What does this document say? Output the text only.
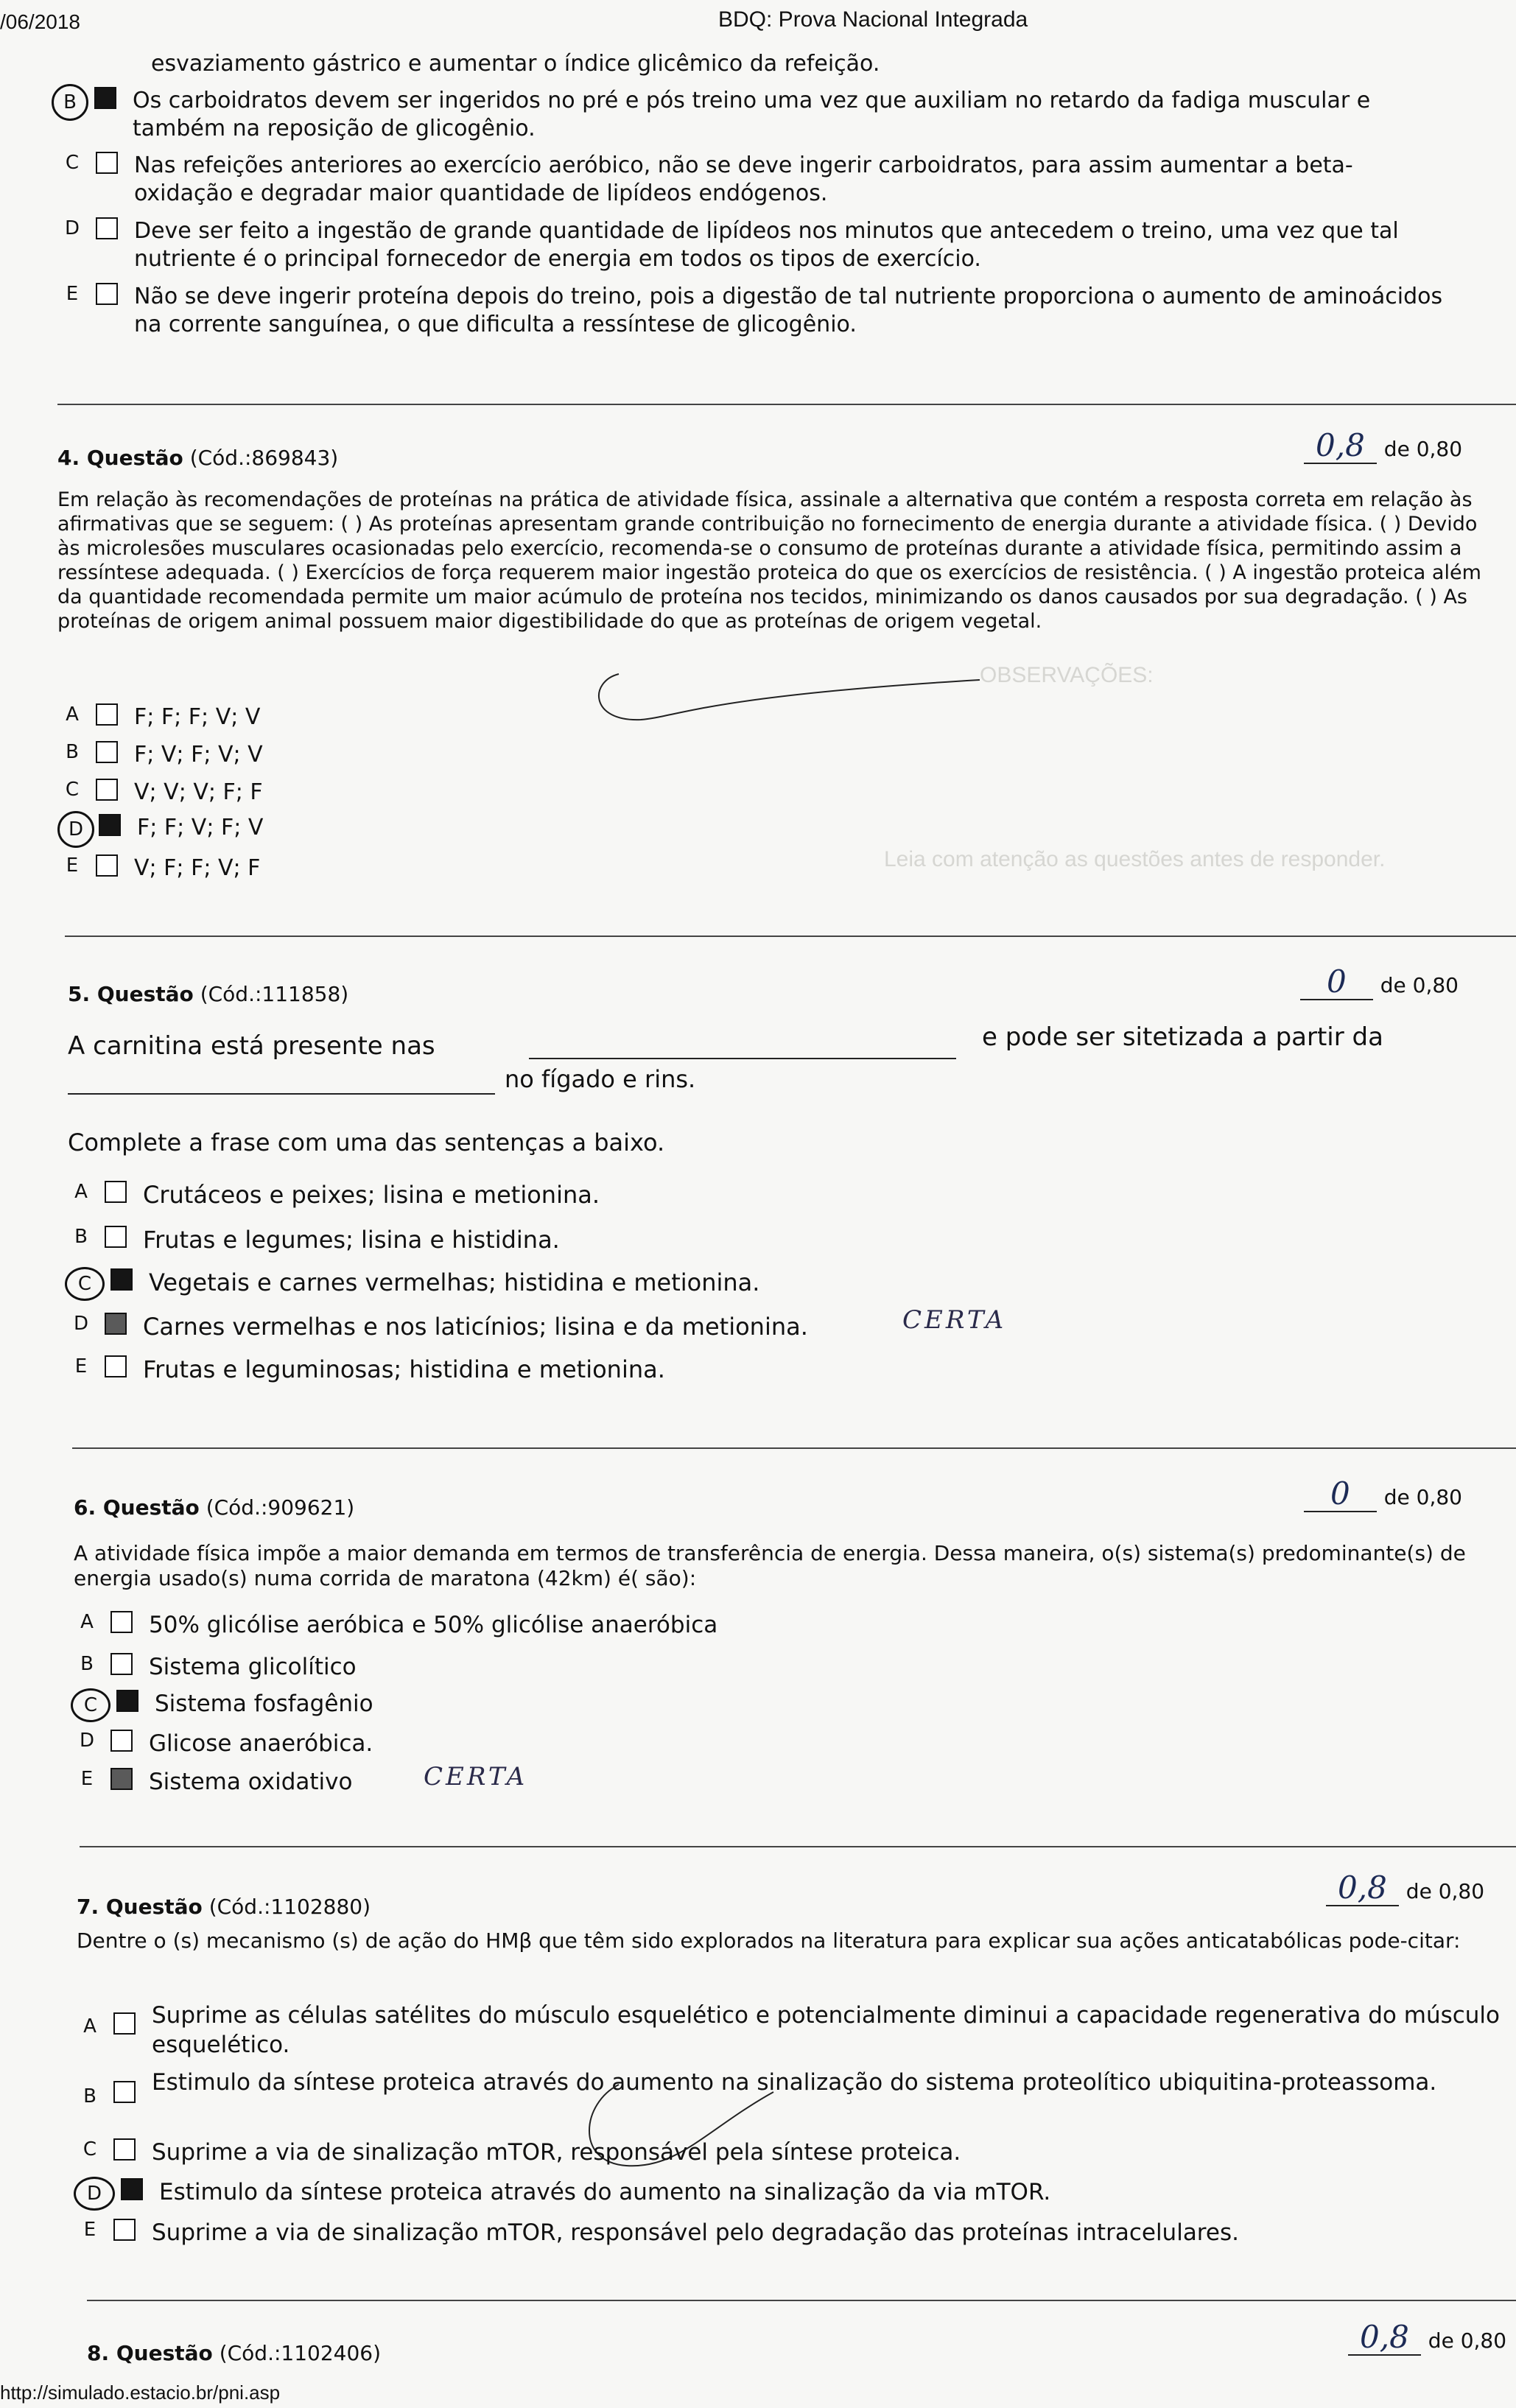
OBSERVAÇÕES:
Leia com atenção as questões antes de responder.
/06/2018	BDQ: Prova Nacional Integrada
esvaziamento gástrico e aumentar o índice glicêmico da refeição.
B	Os carboidratos devem ser ingeridos no pré e pós treino uma vez que auxiliam no retardo da fadiga muscular e também na reposição de glicogênio.
C Nas refeições anteriores ao exercício aeróbico, não se deve ingerir carboidratos, para assim aumentar a beta-oxidação e degradar maior quantidade de lipídeos endógenos.
D Deve ser feito a ingestão de grande quantidade de lipídeos nos minutos que antecedem o treino, uma vez que tal nutriente é o principal fornecedor de energia em todos os tipos de exercício.
E	Não se deve ingerir proteína depois do treino, pois a digestão de tal nutriente proporciona o aumento de aminoácidos na corrente sanguínea, o que dificulta a ressíntese de glicogênio.
4. Questão (Cód.:869843)	0,8 de 0,80
Em relação às recomendações de proteínas na prática de atividade física, assinale a alternativa que contém a resposta correta em relação às afirmativas que se seguem: ( ) As proteínas apresentam grande contribuição no fornecimento de energia durante a atividade física. ( ) Devido às microlesões musculares ocasionadas pelo exercício, recomenda-se o consumo de proteínas durante a atividade física, permitindo assim a ressíntese adequada. ( ) Exercícios de força requerem maior ingestão proteica do que os exercícios de resistência. ( ) A ingestão proteica além da quantidade recomendada permite um maior acúmulo de proteína nos tecidos, minimizando os danos causados por sua degradação. ( ) As proteínas de origem animal possuem maior digestibilidade do que as proteínas de origem vegetal.
A	F; F; F; V; V
B	F; V; F; V; V
C V; V; V; F; F
D	F; F; V; F; V
E	V; F; F; V; F
5. Questão (Cód.:111858)	0 de 0,80
A carnitina está presente nas	e pode ser sitetizada a partir da
no fígado e rins.
Complete a frase com uma das sentenças a baixo.
A Crutáceos e peixes; lisina e metionina.
B Frutas e legumes; lisina e histidina.
C	Vegetais e carnes vermelhas; histidina e metionina.
D Carnes vermelhas e nos laticínios; lisina e da metionina.	CERTA
E	Frutas e leguminosas; histidina e metionina.
6. Questão (Cód.:909621)	0 de 0,80
A atividade física impõe a maior demanda em termos de transferência de energia. Dessa maneira, o(s) sistema(s) predominante(s) de energia usado(s) numa corrida de maratona (42km) é( são):
A 50% glicólise aeróbica e 50% glicólise anaeróbica
B Sistema glicolítico
C	Sistema fosfagênio
D Glicose anaeróbica.
E	Sistema oxidativo	CERTA
7. Questão (Cód.:1102880)
0,8 de 0,80
Dentre o (s) mecanismo (s) de ação do HMβ que têm sido explorados na literatura para explicar sua ações anticatabólicas pode-citar:
A Suprime as células satélites do músculo esquelético e potencialmente diminui a capacidade regenerativa do músculo esquelético.
B
Estimulo da síntese proteica através do aumento na sinalização do sistema proteolítico ubiquitina-proteassoma.
C Suprime a via de sinalização mTOR, responsável pela síntese proteica.
D	Estimulo da síntese proteica através do aumento na sinalização da via mTOR.
E	Suprime a via de sinalização mTOR, responsável pelo degradação das proteínas intracelulares.
8. Questão (Cód.:1102406)	0,8 de 0,80
http://simulado.estacio.br/pni.asp
